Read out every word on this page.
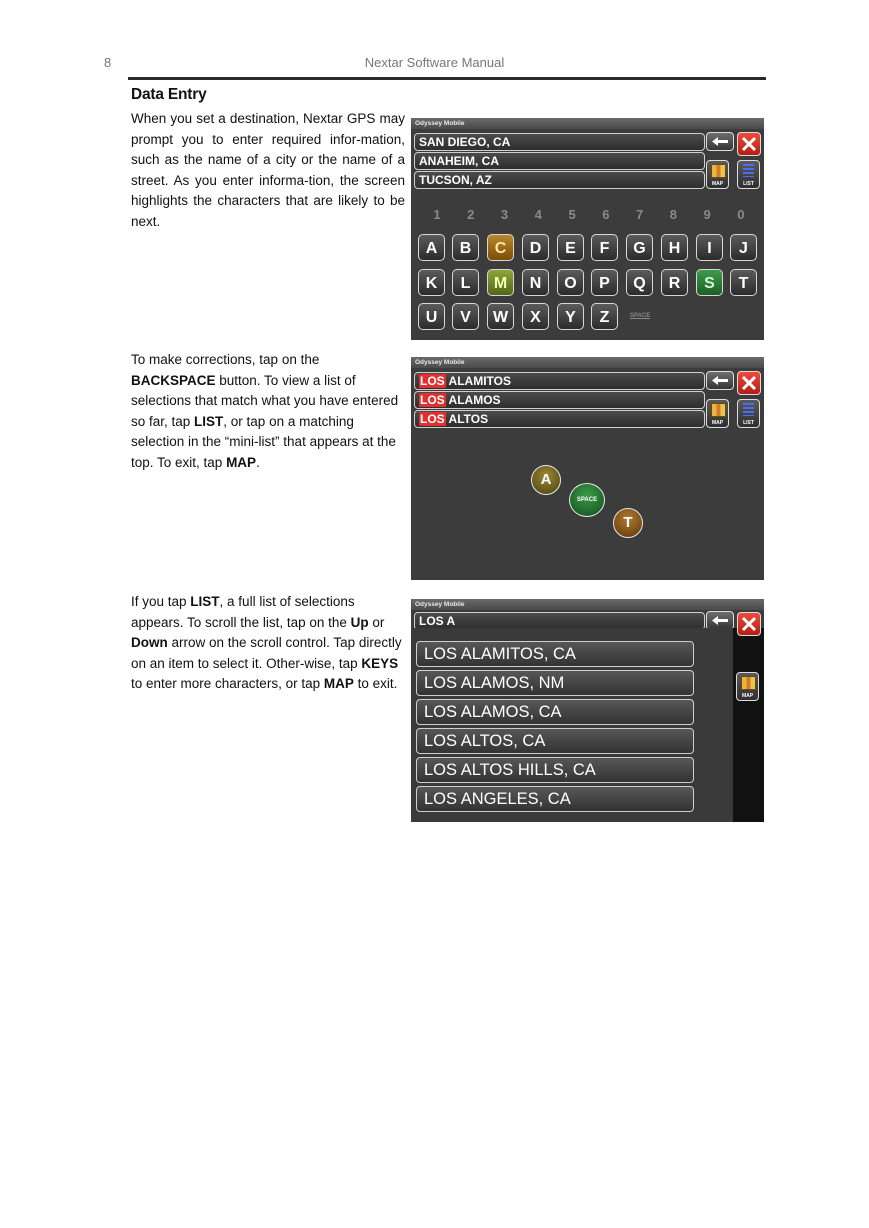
8	Nextar Software Manual
Data Entry
When you set a destination, Nextar GPS may prompt you to enter required infor-mation, such as the name of a city or the name of a street. As you enter informa-tion, the screen highlights the characters that are likely to be next.
To make corrections, tap on the BACKSPACE button. To view a list of selections that match what you have entered so far, tap LIST, or tap on a matching selection in the “mini-list” that appears at the top. To exit, tap MAP.
If you tap LIST, a full list of selections appears. To scroll the list, tap on the Up or Down arrow on the scroll control. Tap directly on an item to select it. Other-wise, tap KEYS to enter more characters, or tap MAP to exit.
Odyssey Mobile
SAN DIEGO, CA
ANAHEIM, CA
TUCSON, AZ	MAP	LIST
1	2	3	4	5	6	7	8	9	0
A	B	C	D	E	F	G	H	I	J
K	L	M	N	O	P	Q	R	S	T
U	V	W	X	Y	Z	SPACE
Odyssey Mobile
LOS ALAMITOS
LOS ALAMOS
LOS ALTOS	MAP	LIST
A
SPACE
T
Odyssey Mobile
LOS A
LOS ALAMITOS, CA
LOS ALAMOS, NM
LOS ALAMOS, CA
LOS ALTOS, CA
LOS ALTOS HILLS, CA
LOS ANGELES, CA
MAP
